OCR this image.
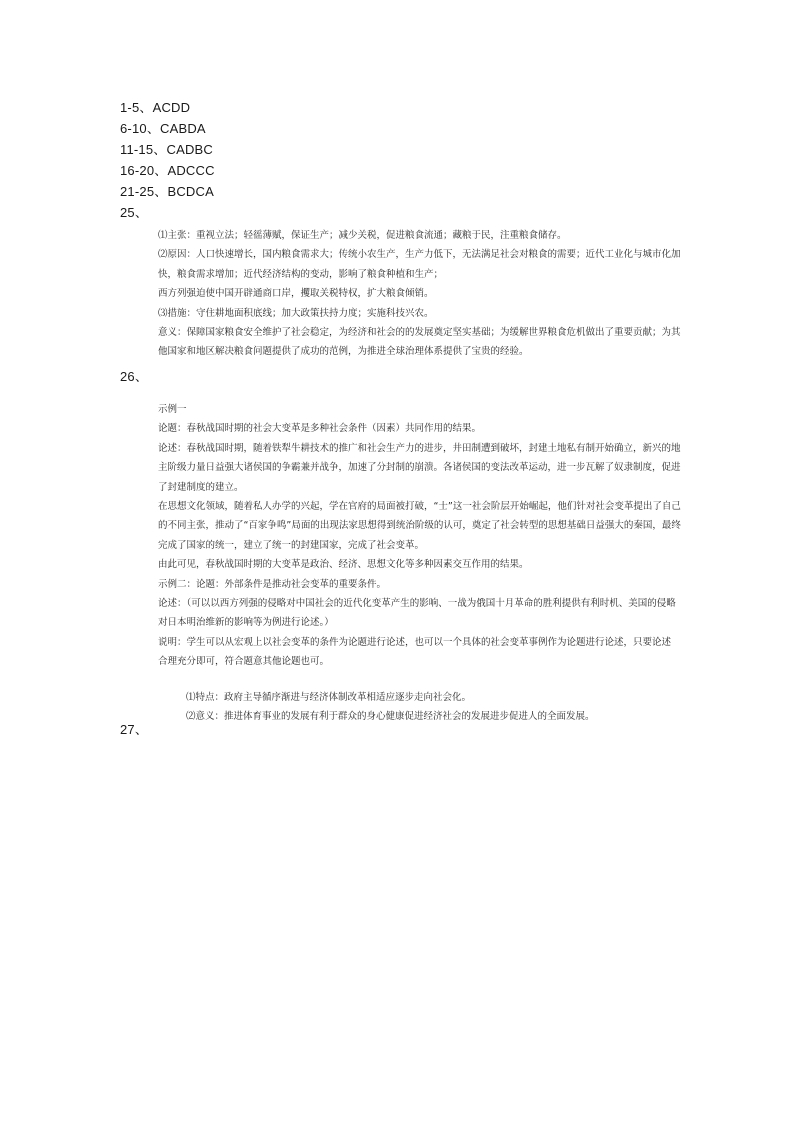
1-5、ACDD
6-10、CABDA
11-15、CADBC
16-20、ADCCC
21-25、BCDCA
25、

⑴主张：重视立法；轻徭薄赋，保证生产；减少关税，促进粮食流通；藏粮于民，注重粮食储存。

⑵原因：人口快速增长，国内粮食需求大；传统小农生产，生产力低下，无法满足社会对粮食的需要；近代工业化与城市化加

快，粮食需求增加；近代经济结构的变动，影响了粮食种植和生产；

西方列强迫使中国开辟通商口岸，攫取关税特权，扩大粮食倾销。

⑶措施：守住耕地面积底线；加大政策扶持力度；实施科技兴农。

意义：保障国家粮食安全维护了社会稳定，为经济和社会的的发展奠定坚实基础；为缓解世界粮食危机做出了重要贡献；为其

他国家和地区解决粮食问题提供了成功的范例，为推进全球治理体系提供了宝贵的经验。

26、

示例一

论题：春秋战国时期的社会大变革是多种社会条件（因素）共同作用的结果。

论述：春秋战国时期，随着铁犁牛耕技术的推广和社会生产力的进步，井田制遭到破坏，封建土地私有制开始确立，新兴的地

主阶级力量日益强大诸侯国的争霸兼并战争，加速了分封制的崩溃。各诸侯国的变法改革运动，进一步瓦解了奴隶制度，促进

了封建制度的建立。

在思想文化领域，随着私人办学的兴起，学在官府的局面被打破，“士”这一社会阶层开始崛起，他们针对社会变革提出了自己

的不同主张，推动了“百家争鸣”局面的出现法家思想得到统治阶级的认可，奠定了社会转型的思想基础日益强大的秦国，最终

完成了国家的统一，建立了统一的封建国家，完成了社会变革。

由此可见，春秋战国时期的大变革是政治、经济、思想文化等多种因素交互作用的结果。

示例二：论题：外部条件是推动社会变革的重要条件。

论述：（可以以西方列强的侵略对中国社会的近代化变革产生的影响、一战为俄国十月革命的胜利提供有利时机、美国的侵略

对日本明治维新的影响等为例进行论述。）

说明：学生可以从宏观上以社会变革的条件为论题进行论述，也可以一个具体的社会变革事例作为论题进行论述，只要论述

合理充分即可，符合题意其他论题也可。

⑴特点：政府主导循序渐进与经济体制改革相适应逐步走向社会化。

⑵意义：推进体育事业的发展有利于群众的身心健康促进经济社会的发展进步促进人的全面发展。

27、
